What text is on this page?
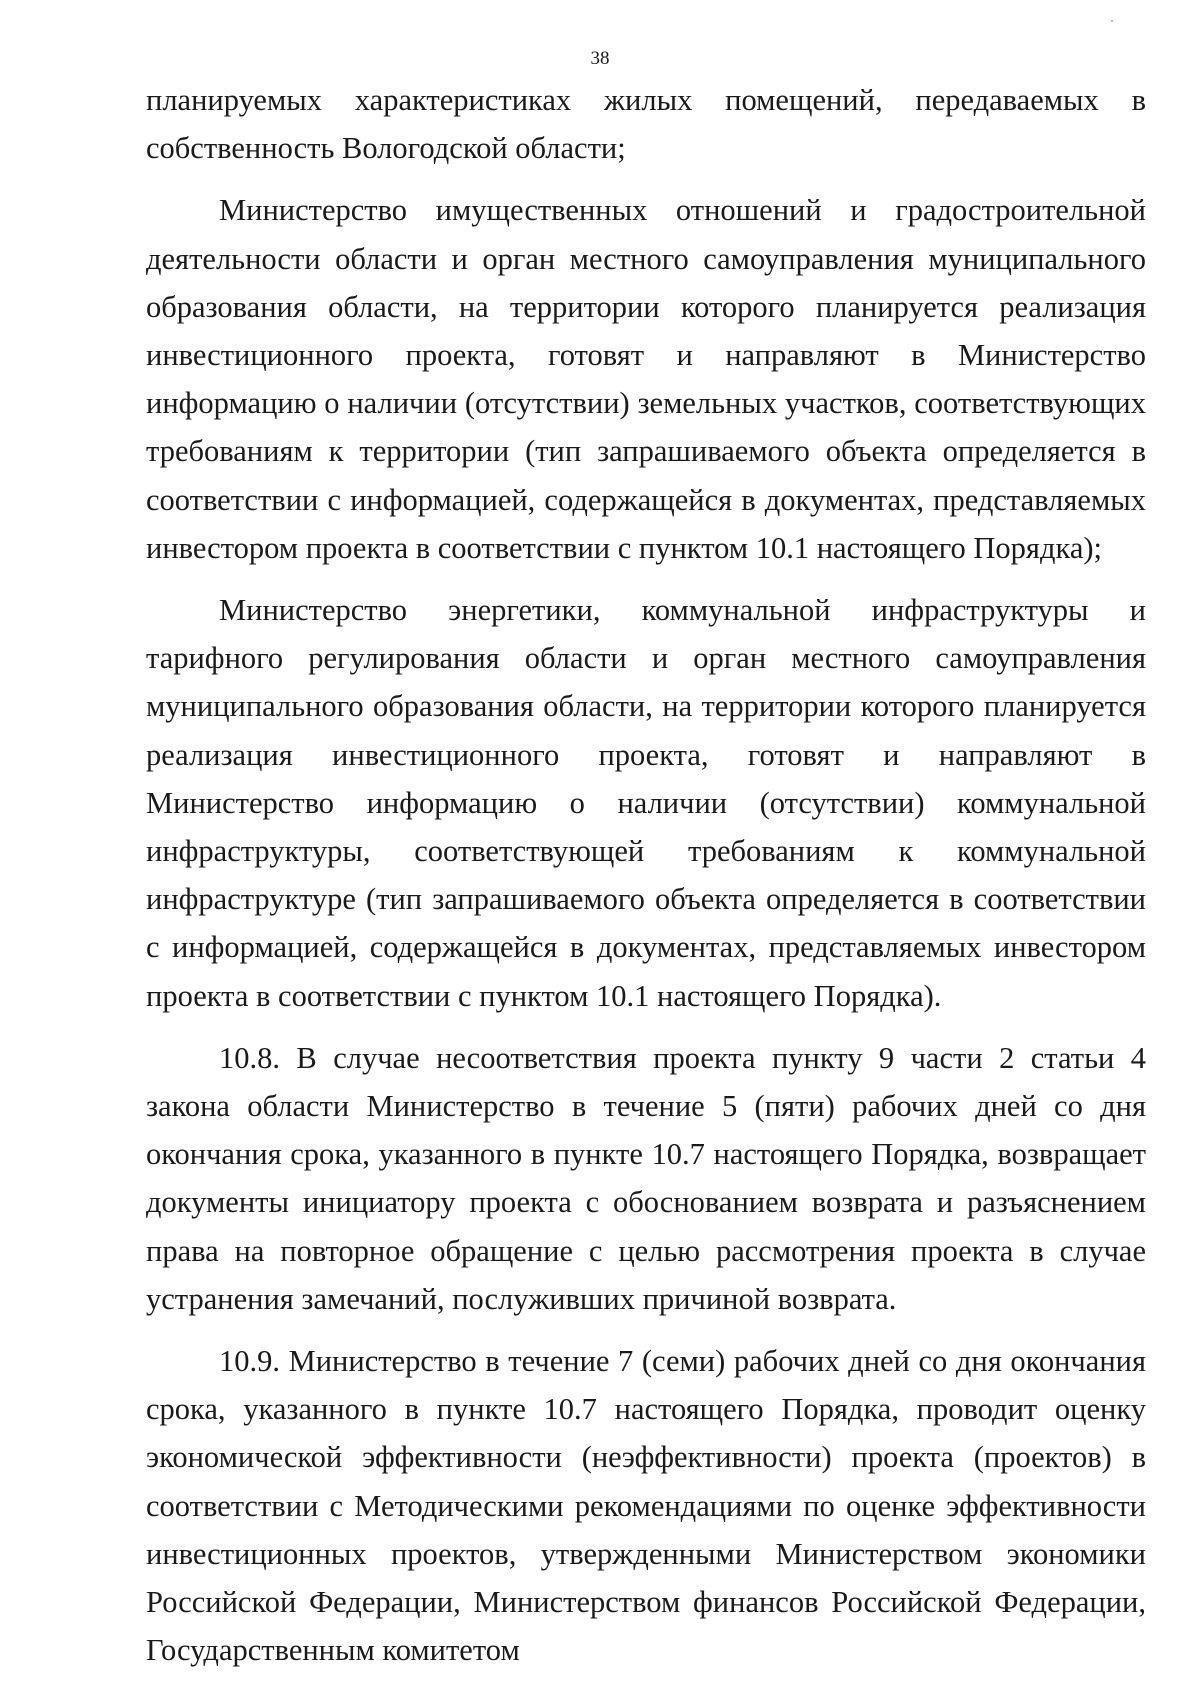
38

планируемых характеристиках жилых помещений, передаваемых в собственность Вологодской области;

Министерство имущественных отношений и градостроительной деятельности области и орган местного самоуправления муниципального образования области, на территории которого планируется реализация инвестиционного проекта, готовят и направляют в Министерство информацию о наличии (отсутствии) земельных участков, соответствующих требованиям к территории (тип запрашиваемого объекта определяется в соответствии с информацией, содержащейся в документах, представляемых инвестором проекта в соответствии с пунктом 10.1 настоящего Порядка);

Министерство энергетики, коммунальной инфраструктуры и тарифного регулирования области и орган местного самоуправления муниципального образования области, на территории которого планируется реализация инвестиционного проекта, готовят и направляют в Министерство информацию о наличии (отсутствии) коммунальной инфраструктуры, соответствующей требованиям к коммунальной инфраструктуре (тип запрашиваемого объекта определяется в соответствии с информацией, содержащейся в документах, представляемых инвестором проекта в соответствии с пунктом 10.1 настоящего Порядка).

10.8. В случае несоответствия проекта пункту 9 части 2 статьи 4 закона области Министерство в течение 5 (пяти) рабочих дней со дня окончания срока, указанного в пункте 10.7 настоящего Порядка, возвращает документы инициатору проекта с обоснованием возврата и разъяснением права на повторное обращение с целью рассмотрения проекта в случае устранения замечаний, послуживших причиной возврата.

10.9. Министерство в течение 7 (семи) рабочих дней со дня окончания срока, указанного в пункте 10.7 настоящего Порядка, проводит оценку экономической эффективности (неэффективности) проекта (проектов) в соответствии с Методическими рекомендациями по оценке эффективности инвестиционных проектов, утвержденными Министерством экономики Российской Федерации, Министерством финансов Российской Федерации, Государственным комитетом
